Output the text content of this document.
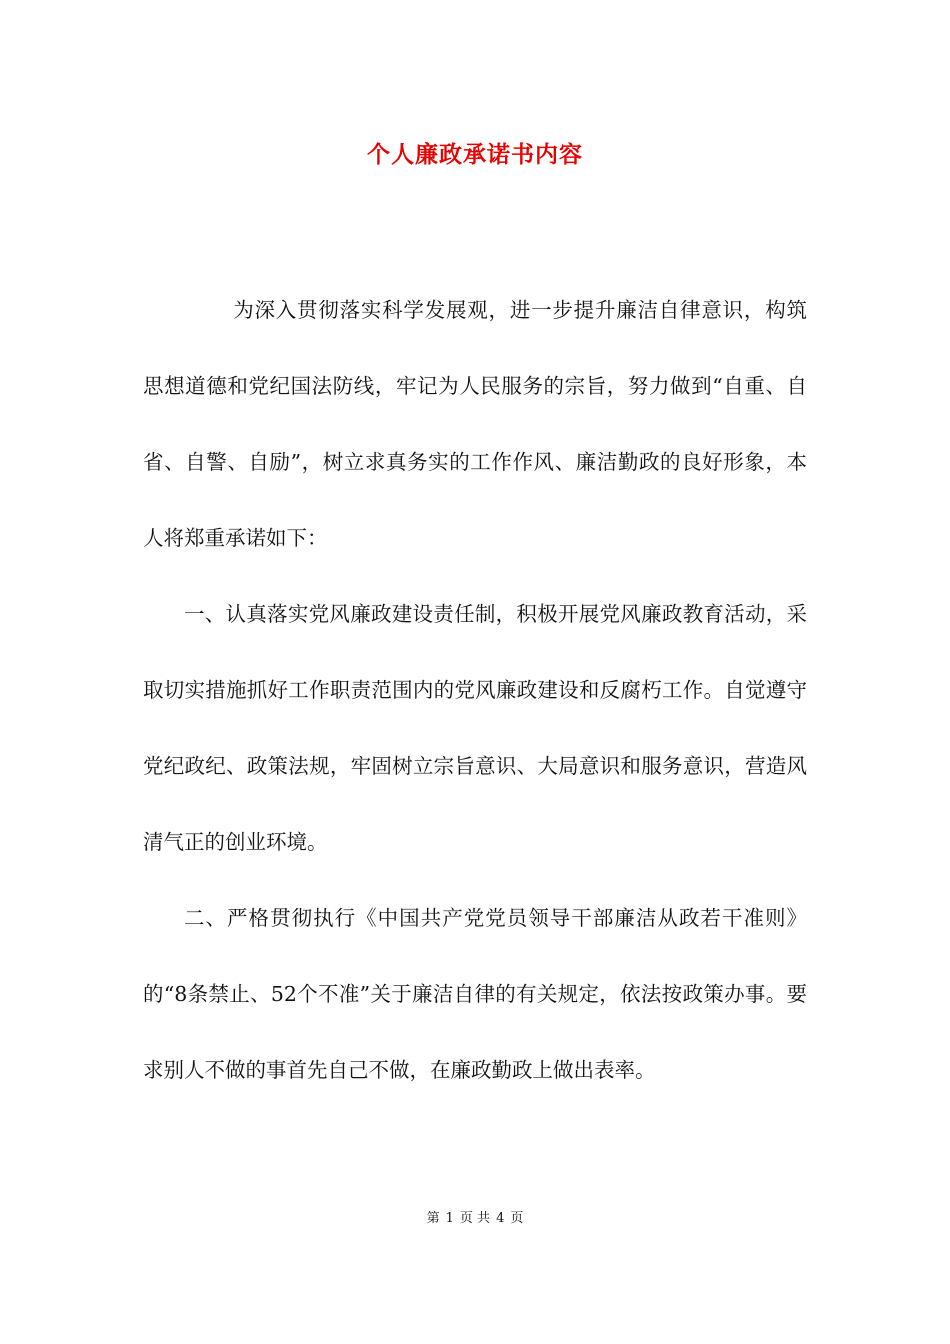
个人廉政承诺书内容

为深入贯彻落实科学发展观，进一步提升廉洁自律意识，构筑思想道德和党纪国法防线，牢记为人民服务的宗旨，努力做到“自重、自省、自警、自励”，树立求真务实的工作作风、廉洁勤政的良好形象，本人将郑重承诺如下：

一、认真落实党风廉政建设责任制，积极开展党风廉政教育活动，采取切实措施抓好工作职责范围内的党风廉政建设和反腐朽工作。自觉遵守党纪政纪、政策法规，牢固树立宗旨意识、大局意识和服务意识，营造风清气正的创业环境。

二、严格贯彻执行《中国共产党党员领导干部廉洁从政若干准则》的“8条禁止、52个不准”关于廉洁自律的有关规定，依法按政策办事。要求别人不做的事首先自己不做，在廉政勤政上做出表率。

第 1 页 共 4 页
